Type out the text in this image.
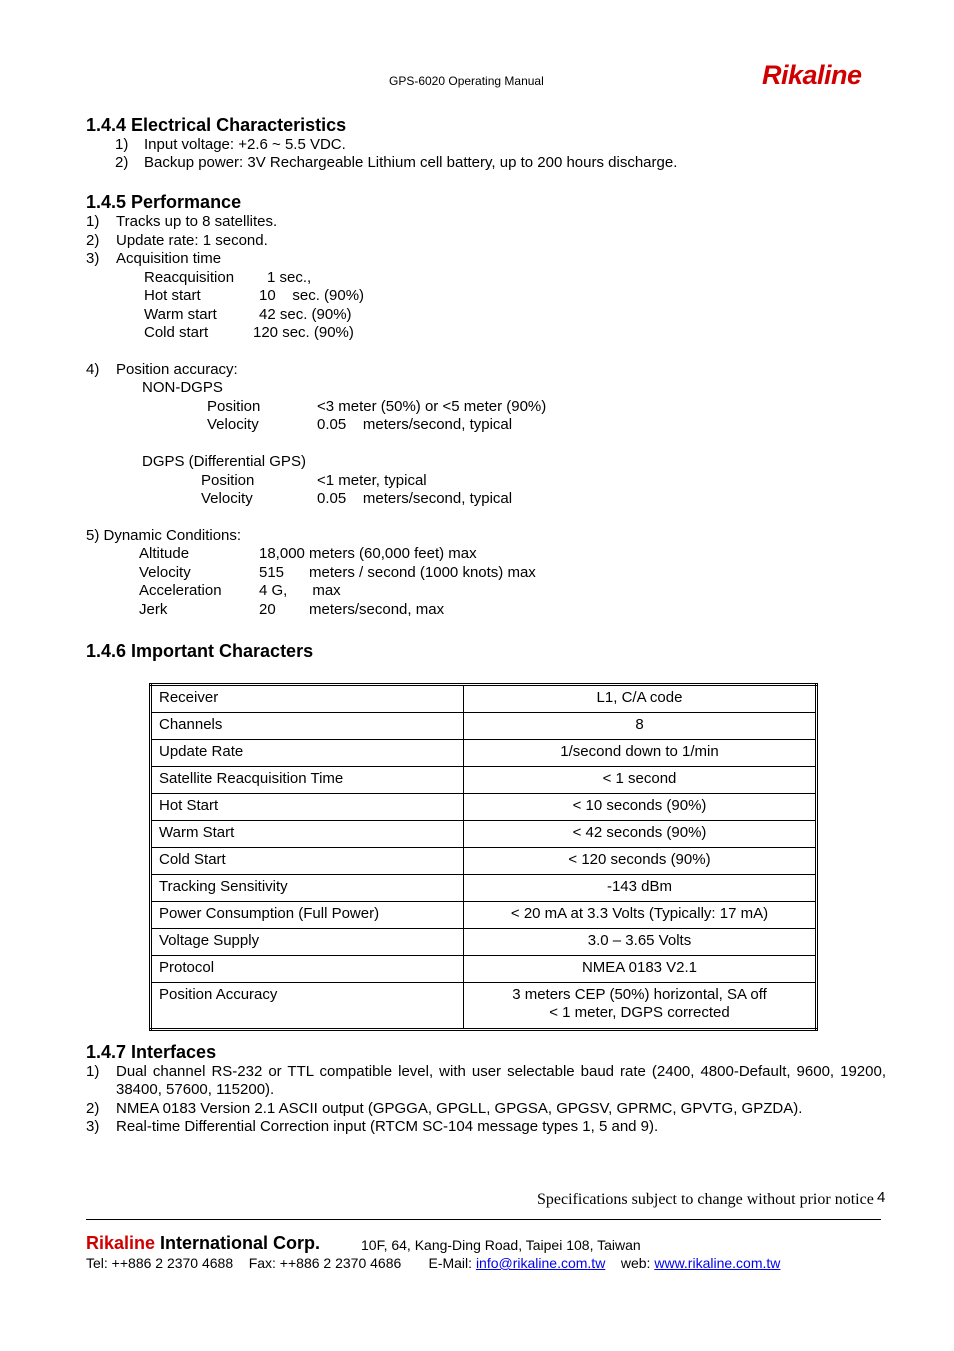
GPS-6020 Operating Manual	Rikaline
1.4.4 Electrical Characteristics
1) Input voltage: +2.6 ~ 5.5 VDC.
2) Backup power: 3V Rechargeable Lithium cell battery, up to 200 hours discharge.
1.4.5 Performance
1) Tracks up to 8 satellites.
2) Update rate: 1 second.
3) Acquisition time
Reacquisition 1 sec.,
Hot start	10    sec. (90%)
Warm start	42 sec. (90%)
Cold start	120 sec. (90%)
4) Position accuracy:
NON-DGPS
Position	<3 meter (50%) or <5 meter (90%)
Velocity	0.05    meters/second, typical
DGPS (Differential GPS)
Position	<1 meter, typical
Velocity	0.05    meters/second, typical
5) Dynamic Conditions:
Altitude	18,000 meters (60,000 feet) max
Velocity	515      meters / second (1000 knots) max
Acceleration 4 G,      max
Jerk	20        meters/second, max
1.4.6 Important Characters
Receiver	L1, C/A code
Channels	8
Update Rate	1/second down to 1/min
Satellite Reacquisition Time	< 1 second
Hot Start	< 10 seconds (90%)
Warm Start	< 42 seconds (90%)
Cold Start	< 120 seconds (90%)
Tracking Sensitivity	-143 dBm
Power Consumption (Full Power)	< 20 mA at 3.3 Volts (Typically: 17 mA)
Voltage Supply	3.0 – 3.65 Volts
Protocol	NMEA 0183 V2.1
Position Accuracy	3 meters CEP (50%) horizontal, SA off
< 1 meter, DGPS corrected
1.4.7 Interfaces
1) Dual channel RS-232 or TTL compatible level, with user selectable baud rate (2400, 4800-Default, 9600, 19200, 38400, 57600, 115200).
2) NMEA 0183 Version 2.1 ASCII output (GPGGA, GPGLL, GPGSA, GPGSV, GPRMC, GPVTG, GPZDA).
3) Real-time Differential Correction input (RTCM SC-104 message types 1, 5 and 9).
Specifications subject to change without prior notice 4
Rikaline International Corp.	10F, 64, Kang-Ding Road, Taipei 108, Taiwan
Tel: ++886 2 2370 4688    Fax: ++886 2 2370 4686       E-Mail: info@rikaline.com.tw    web: www.rikaline.com.tw
